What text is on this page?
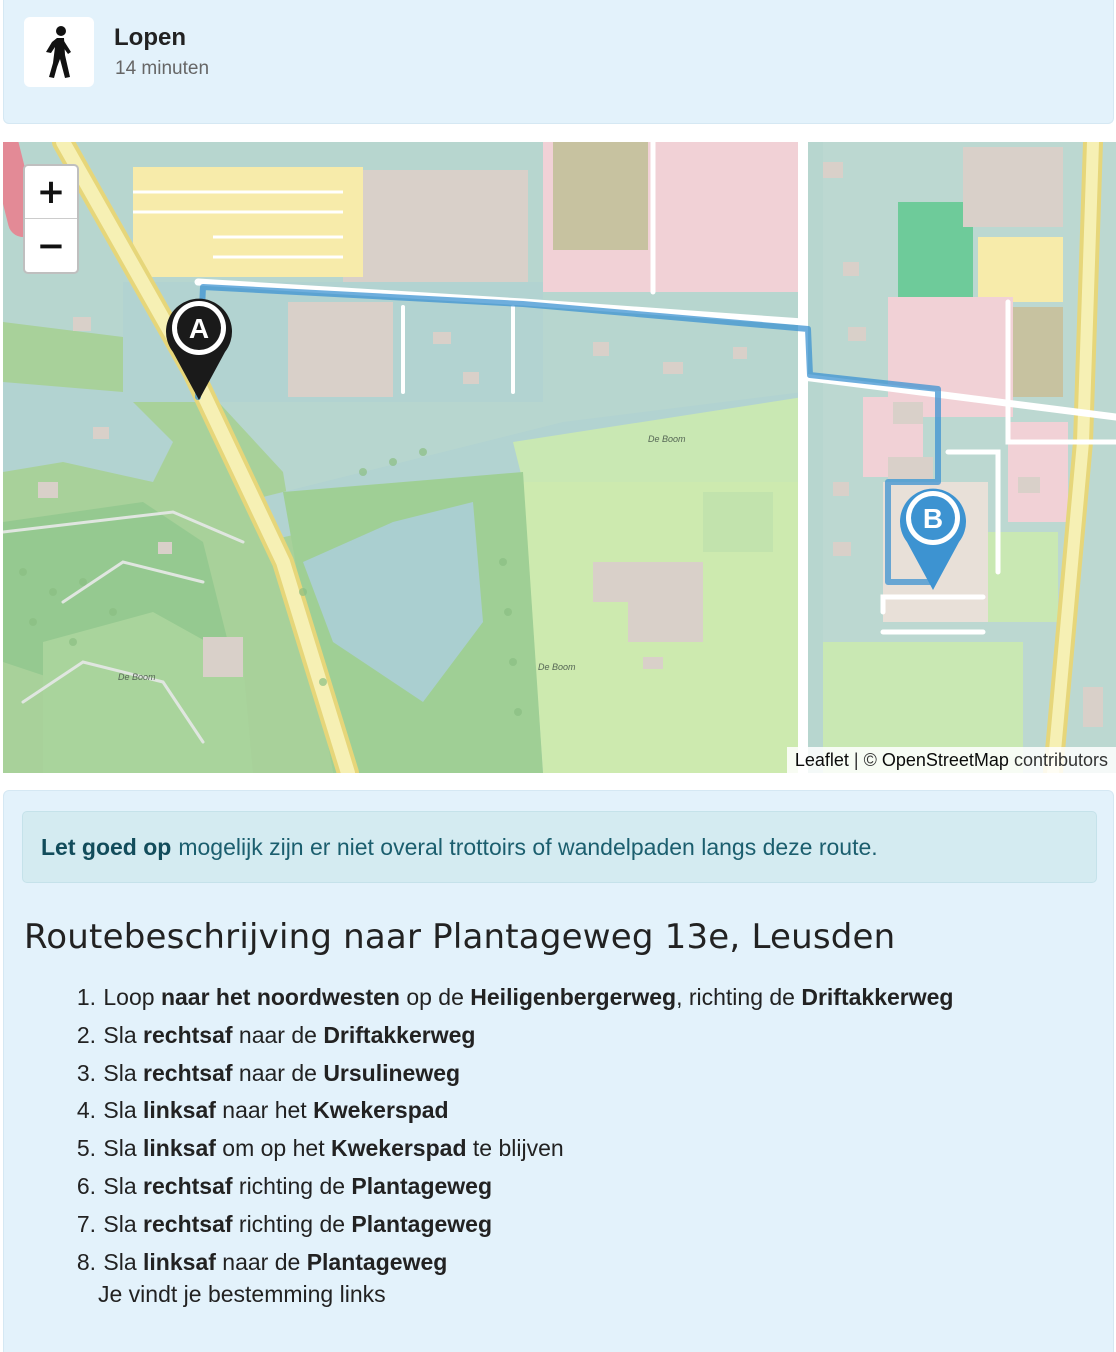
Lopen
14 minuten
De Boom
De Boom
De Boom
+
−
A
B
Leaflet | © OpenStreetMap contributors
Let goed op mogelijk zijn er niet overal trottoirs of wandelpaden langs deze route.
Routebeschrijving naar Plantageweg 13e, Leusden
1. Loop naar het noordwesten op de Heiligenbergerweg, richting de Driftakkerweg
2. Sla rechtsaf naar de Driftakkerweg
3. Sla rechtsaf naar de Ursulineweg
4. Sla linksaf naar het Kwekerspad
5. Sla linksaf om op het Kwekerspad te blijven
6. Sla rechtsaf richting de Plantageweg
7. Sla rechtsaf richting de Plantageweg
8. Sla linksaf naar de Plantageweg
Je vindt je bestemming links
